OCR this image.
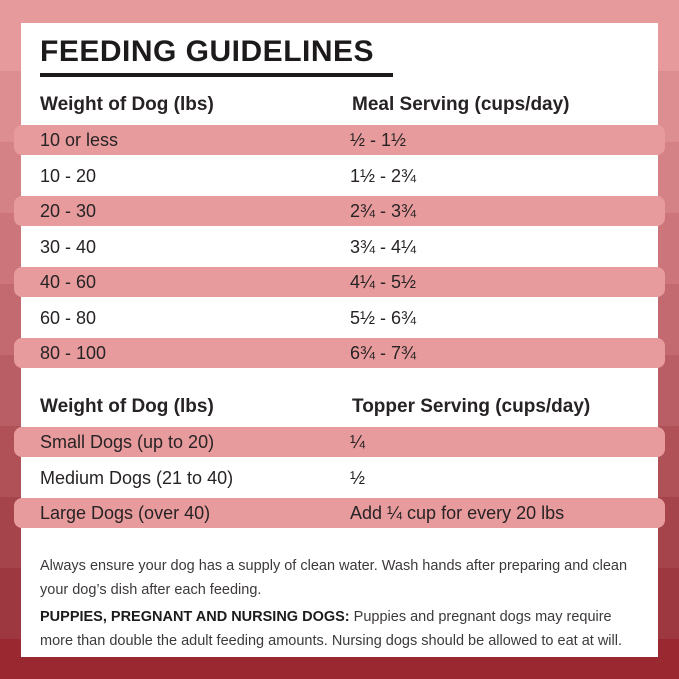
FEEDING GUIDELINES
Weight of Dog (lbs)	Meal Serving (cups/day)
10 or less	½ - 1½
10 - 20	1½ - 2¾
20 - 30	2¾ - 3¾
30 - 40	3¾ - 4¼
40 - 60	4¼ - 5½
60 - 80	5½ - 6¾
80 - 100	6¾ - 7¾
Weight of Dog (lbs)	Topper Serving (cups/day)
Small Dogs (up to 20)	¼
Medium Dogs (21 to 40)	½
Large Dogs (over 40)	Add ¼ cup for every 20 lbs
Always ensure your dog has a supply of clean water. Wash hands after preparing and clean your dog’s dish after each feeding.
PUPPIES, PREGNANT AND NURSING DOGS: Puppies and pregnant dogs may require more than double the adult feeding amounts. Nursing dogs should be allowed to eat at will.
